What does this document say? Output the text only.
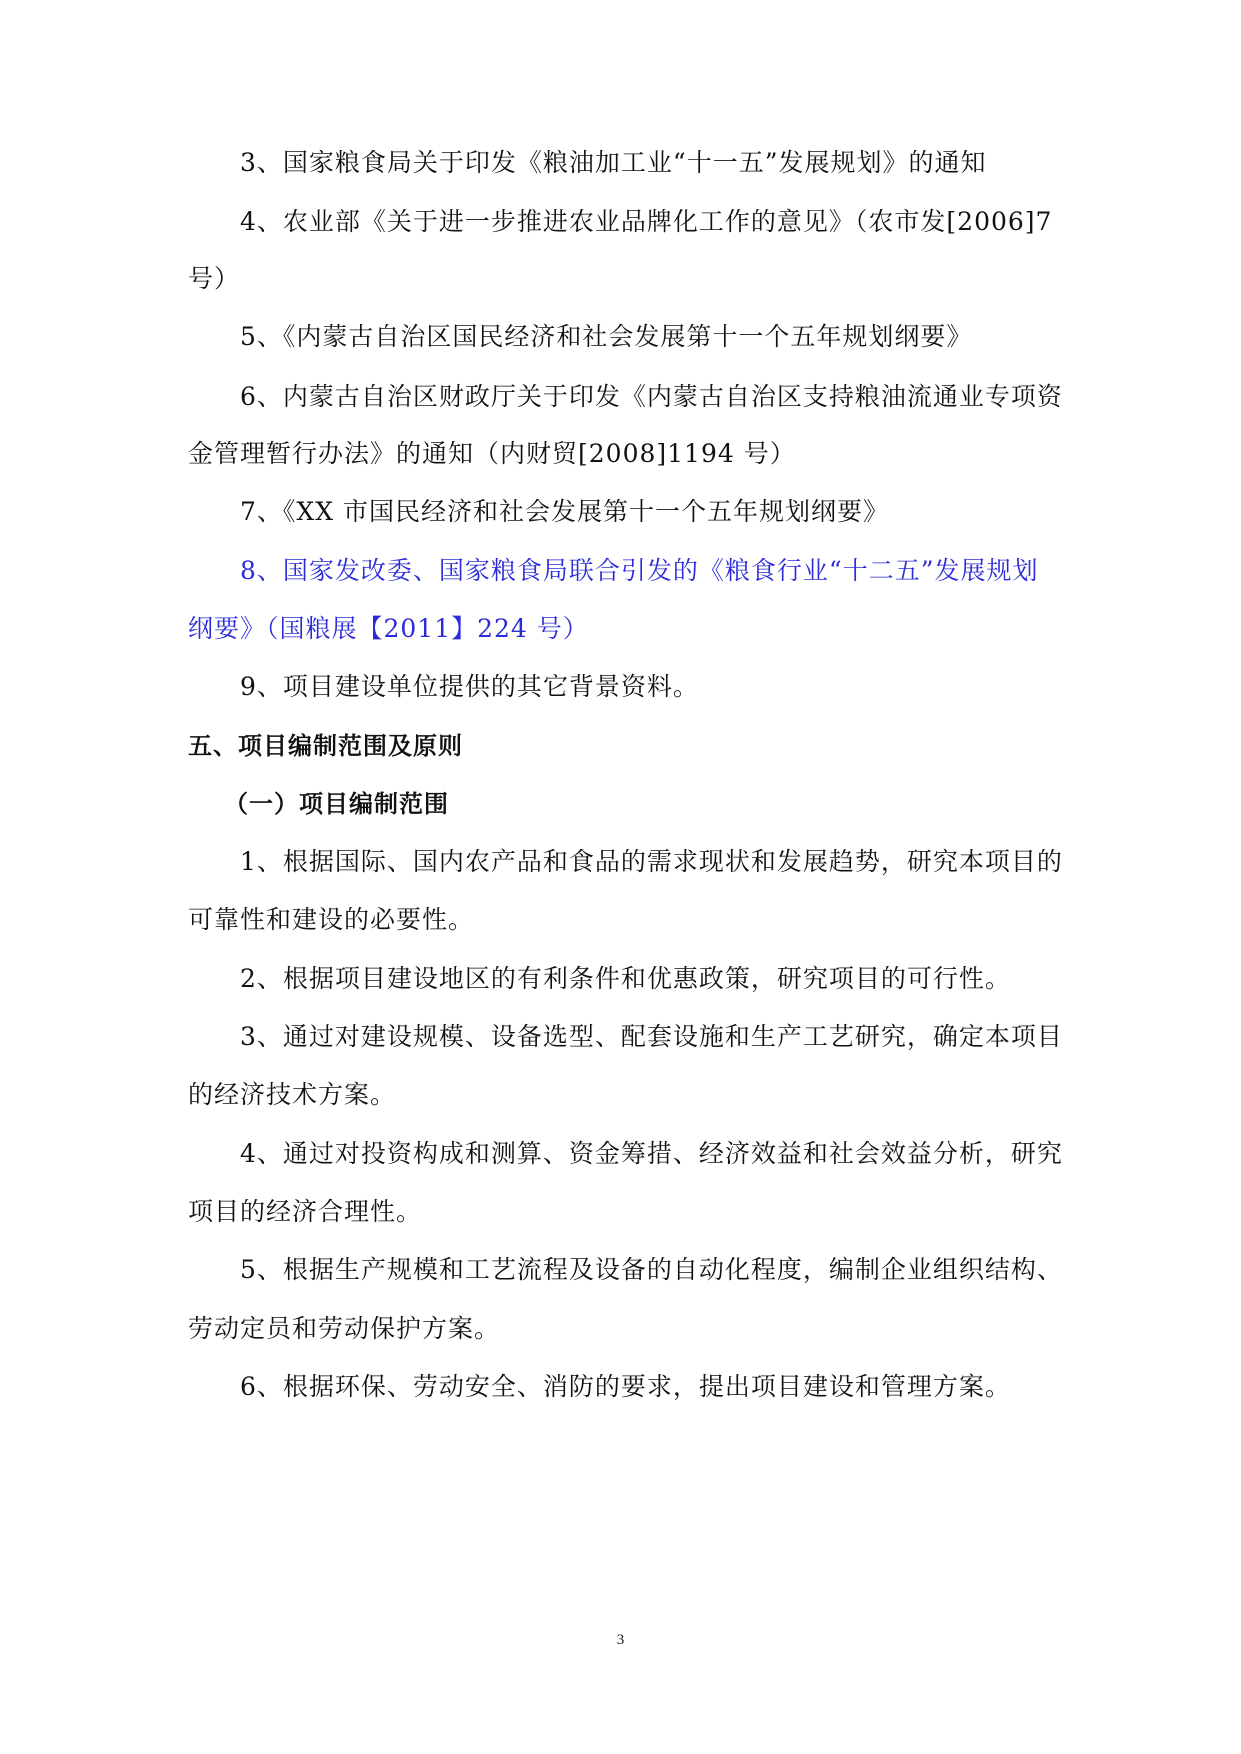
3、国家粮食局关于印发《粮油加工业“十一五”发展规划》的通知
4、农业部《关于进一步推进农业品牌化工作的意见》（农市发[2006]7
号）
5、《内蒙古自治区国民经济和社会发展第十一个五年规划纲要》
6、内蒙古自治区财政厅关于印发《内蒙古自治区支持粮油流通业专项资
金管理暂行办法》的通知（内财贸[2008]1194 号）
7、《XX 市国民经济和社会发展第十一个五年规划纲要》
8、国家发改委、国家粮食局联合引发的《粮食行业“十二五”发展规划
纲要》（国粮展【2011】224 号）
9、项目建设单位提供的其它背景资料。
五、项目编制范围及原则
（一）项目编制范围
1、根据国际、国内农产品和食品的需求现状和发展趋势，研究本项目的
可靠性和建设的必要性。
2、根据项目建设地区的有利条件和优惠政策，研究项目的可行性。
3、通过对建设规模、设备选型、配套设施和生产工艺研究，确定本项目
的经济技术方案。
4、通过对投资构成和测算、资金筹措、经济效益和社会效益分析，研究
项目的经济合理性。
5、根据生产规模和工艺流程及设备的自动化程度，编制企业组织结构、
劳动定员和劳动保护方案。
6、根据环保、劳动安全、消防的要求，提出项目建设和管理方案。
3
